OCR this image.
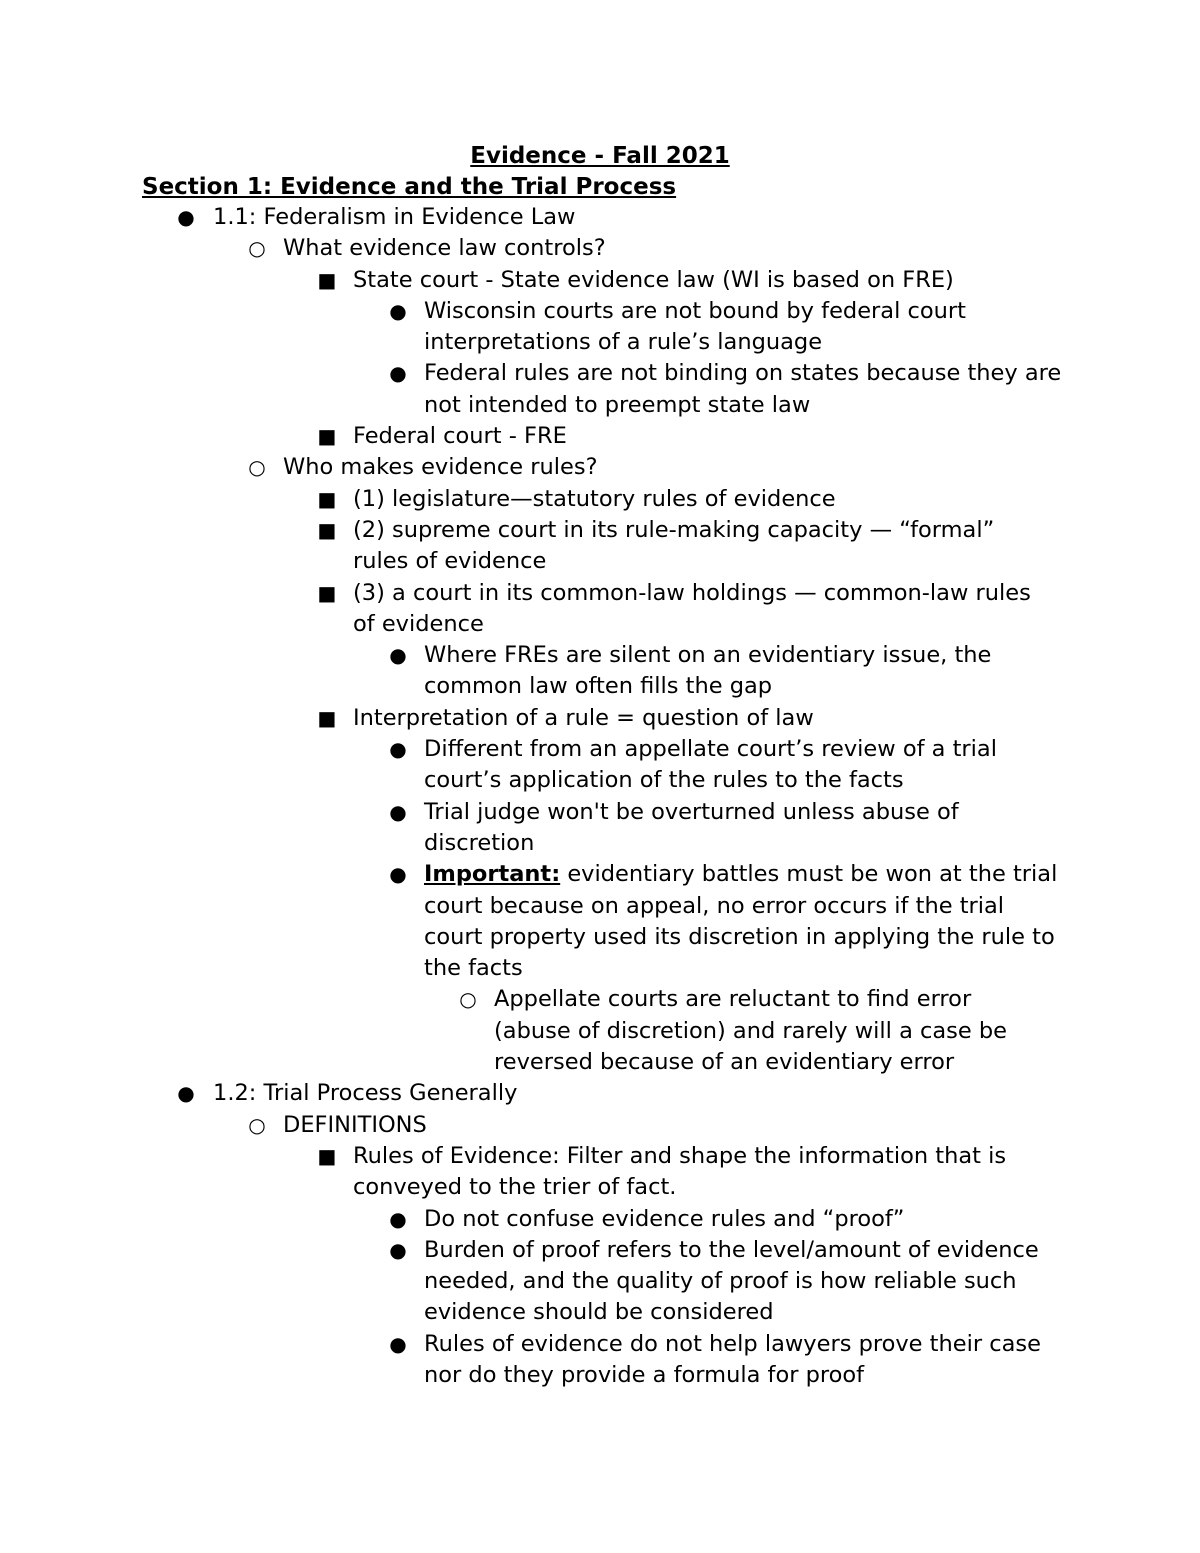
Evidence - Fall 2021
Section 1: Evidence and the Trial Process
●
1.1: Federalism in Evidence Law
○
What evidence law controls?
■
State court - State evidence law (WI is based on FRE)
●
Wisconsin courts are not bound by federal court interpretations of a rule’s language
●
Federal rules are not binding on states because they are not intended to preempt state law
■
Federal court - FRE
○
Who makes evidence rules?
■
(1) legislature—statutory rules of evidence
■
(2) supreme court in its rule-making capacity — “formal” rules of evidence
■
(3) a court in its common-law holdings — common-law rules of evidence
●
Where FREs are silent on an evidentiary issue, the common law often fills the gap
■
Interpretation of a rule = question of law
●
Different from an appellate court’s review of a trial court’s application of the rules to the facts
●
Trial judge won't be overturned unless abuse of discretion
●
Important: evidentiary battles must be won at the trial court because on appeal, no error occurs if the trial court property used its discretion in applying the rule to the facts
○
Appellate courts are reluctant to find error (abuse of discretion) and rarely will a case be reversed because of an evidentiary error
●
1.2: Trial Process Generally
○
DEFINITIONS
■
Rules of Evidence: Filter and shape the information that is conveyed to the trier of fact.
●
Do not confuse evidence rules and “proof”
●
Burden of proof refers to the level/amount of evidence needed, and the quality of proof is how reliable such evidence should be considered
●
Rules of evidence do not help lawyers prove their case nor do they provide a formula for proof
